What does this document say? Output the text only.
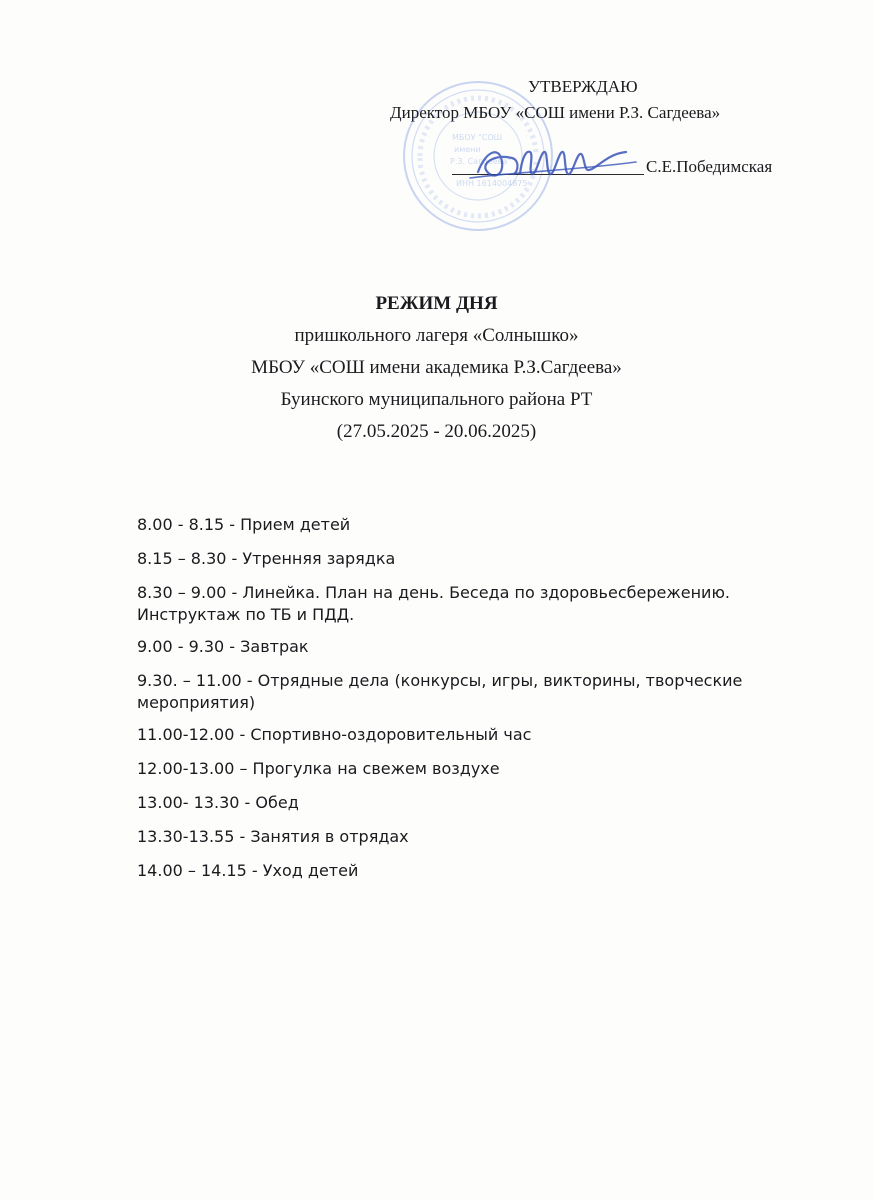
МБОУ "СОШ
имени
Р.З. Сагдеева"
ИНН 1614004875
УТВЕРЖДАЮ
Директор МБОУ «СОШ имени Р.З. Сагдеева»
С.Е.Победимская
РЕЖИМ ДНЯ
пришкольного лагеря «Солнышко»
МБОУ «СОШ имени академика Р.З.Сагдеева»
Буинского муниципального района РТ
(27.05.2025 - 20.06.2025)
8.00 - 8.15 - Прием детей
8.15 – 8.30 - Утренняя зарядка
8.30 – 9.00 - Линейка. План на день. Беседа по здоровьесбережению. Инструктаж по ТБ и ПДД.
9.00 - 9.30 - Завтрак
9.30. – 11.00 - Отрядные дела (конкурсы, игры, викторины, творческие мероприятия)
11.00-12.00 - Спортивно-оздоровительный час
12.00-13.00 – Прогулка на свежем воздухе
13.00- 13.30 - Обед
13.30-13.55 - Занятия в отрядах
14.00 – 14.15 - Уход детей
